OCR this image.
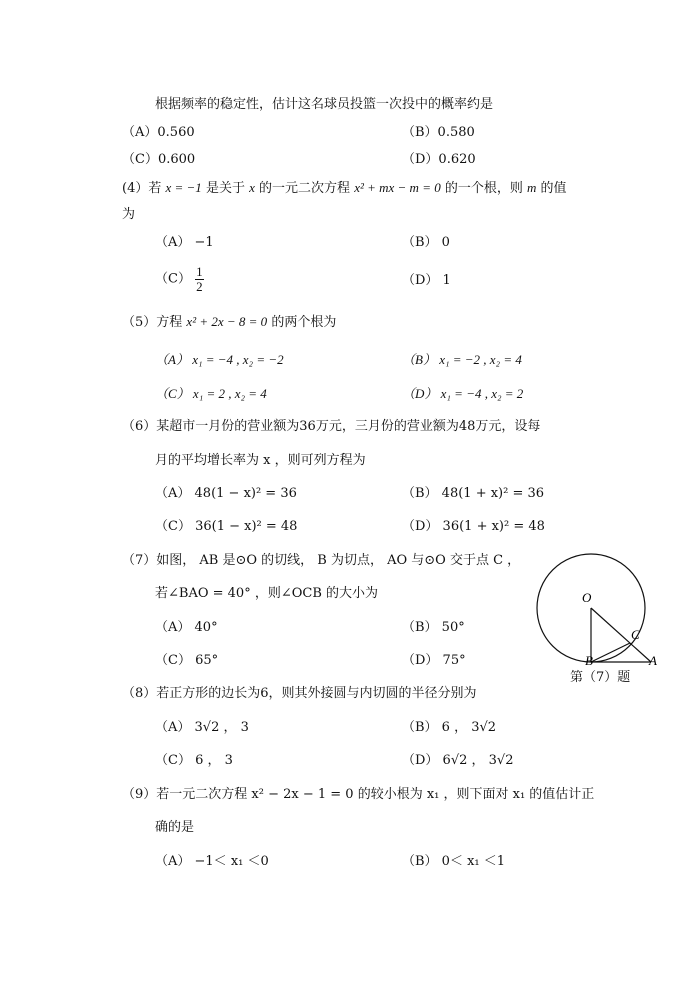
根据频率的稳定性，估计这名球员投篮一次投中的概率约是
（A）0.560	（B）0.580
（C）0.600	（D）0.620
(4）若 x = −1 是关于 x 的一元二次方程 x² + mx − m = 0 的一个根，则 m 的值
为
（A） −1	（B） 0
$(C) \frac{1}{2}$	（D） 1
（5）方程 x² + 2x − 8 = 0 的两个根为
（A） x₁ = −4 , x₂ = −2	（B） x₁ = −2 , x₂ = 4
（C） x₁ = 2 , x₂ = 4	（D） x₁ = −4 , x₂ = 2
（6）某超市一月份的营业额为36万元，三月份的营业额为48万元，设每
月的平均增长率为 x ，则可列方程为
（A） 48(1 − x)² = 36	（B） 48(1 + x)² = 36
（C） 36(1 − x)² = 48	（D） 36(1 + x)² = 48
（7）如图， AB 是⊙O 的切线， B 为切点， AO 与⊙O 交于点 C ，
若∠BAO = 40° ，则∠OCB 的大小为
（A） 40°	（B） 50°
（C） 65°	（D） 75°
O
C
B	A
第（7）题
（8）若正方形的边长为6，则其外接圆与内切圆的半径分别为
（A） 3√2 ， 3	（B） 6 ， 3√2
（C） 6 ， 3	（D） 6√2 ， 3√2
（9）若一元二次方程 x² − 2x − 1 = 0 的较小根为 x₁ ，则下面对 x₁ 的值估计正
确的是
（A） −1＜ x₁ ＜0	（B） 0＜ x₁ ＜1
